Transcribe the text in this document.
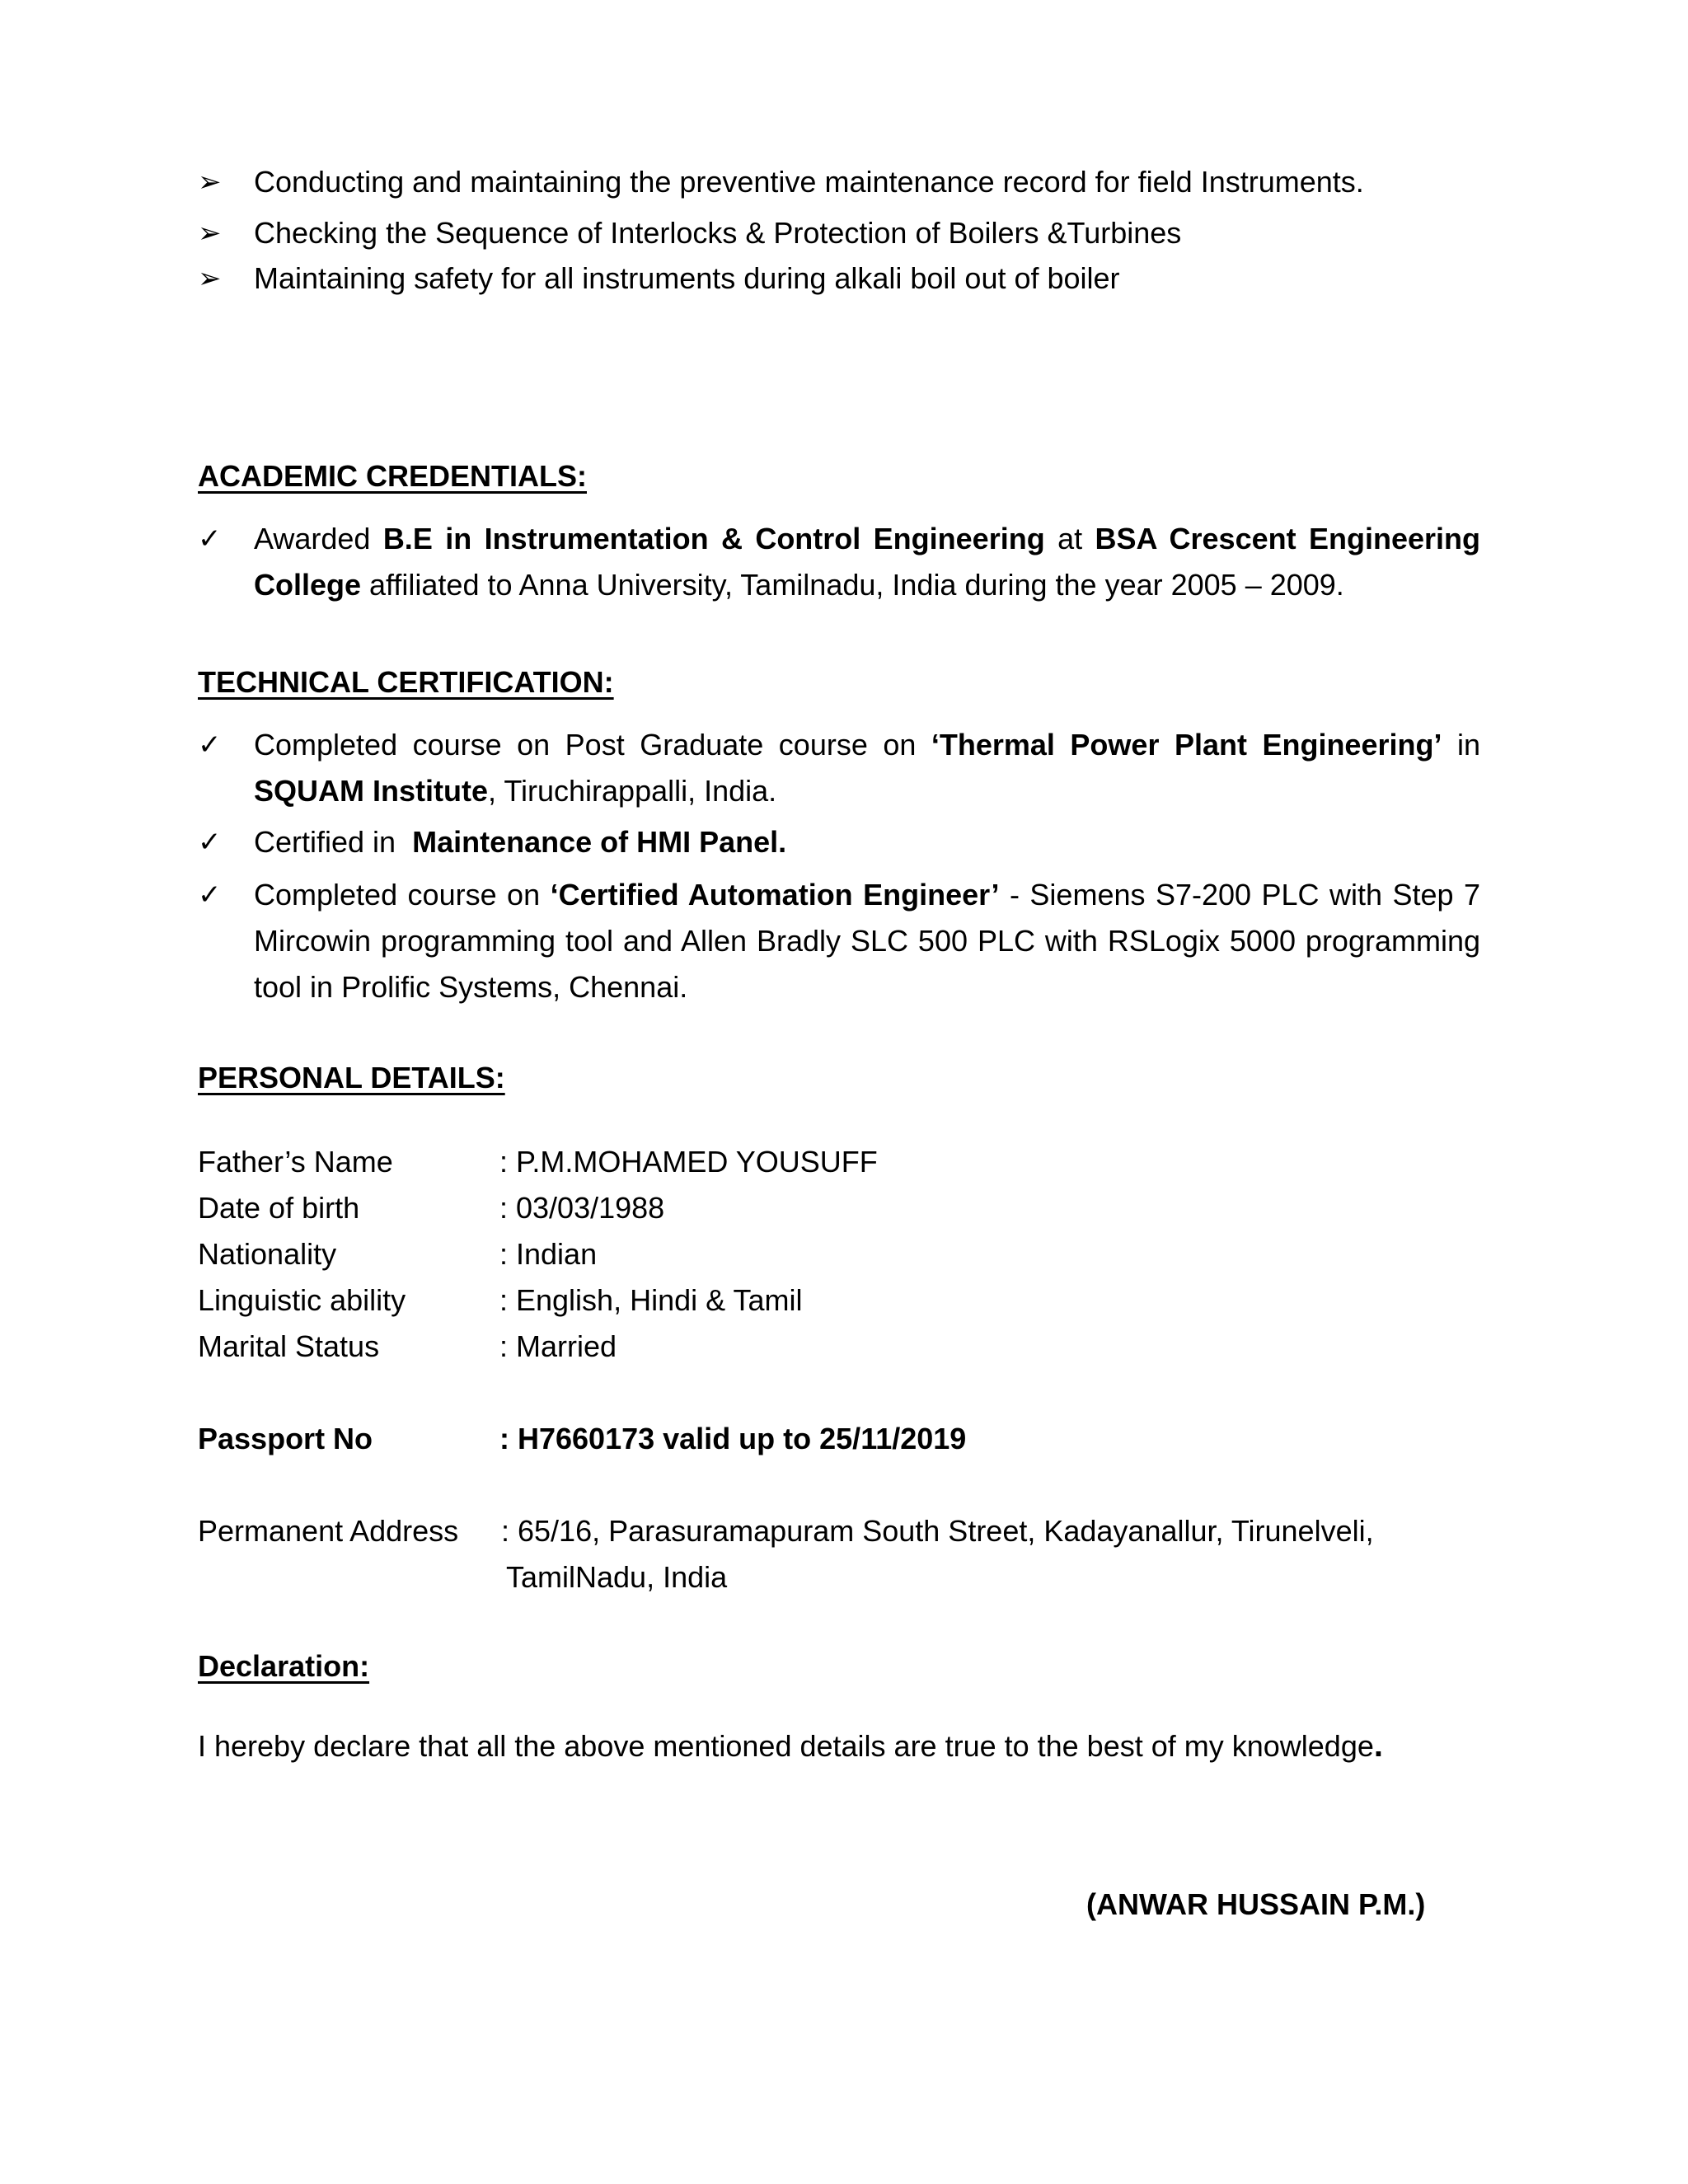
➢ Conducting and maintaining the preventive maintenance record for field Instruments.
➢ Checking the Sequence of Interlocks & Protection of Boilers &Turbines
➢ Maintaining safety for all instruments during alkali boil out of boiler
ACADEMIC CREDENTIALS:
✓ Awarded B.E in Instrumentation & Control Engineering at BSA Crescent Engineering College affiliated to Anna University, Tamilnadu, India during the year 2005 – 2009.
TECHNICAL CERTIFICATION:
✓ Completed course on Post Graduate course on ‘Thermal Power Plant Engineering’ in SQUAM Institute, Tiruchirappalli, India.
✓ Certified in  Maintenance of HMI Panel.
✓ Completed course on ‘Certified Automation Engineer’ - Siemens S7-200 PLC with Step 7 Mircowin programming tool and Allen Bradly SLC 500 PLC with RSLogix 5000 programming tool in Prolific Systems, Chennai.
PERSONAL DETAILS:
Father’s Name	: P.M.MOHAMED YOUSUFF
Date of birth	: 03/03/1988
Nationality	: Indian
Linguistic ability	: English, Hindi & Tamil
Marital Status	: Married
Passport No	: H7660173 valid up to 25/11/2019
Permanent Address : 65/16, Parasuramapuram South Street, Kadayanallur, Tirunelveli,
TamilNadu, India
Declaration:
I hereby declare that all the above mentioned details are true to the best of my knowledge.
(ANWAR HUSSAIN P.M.)
